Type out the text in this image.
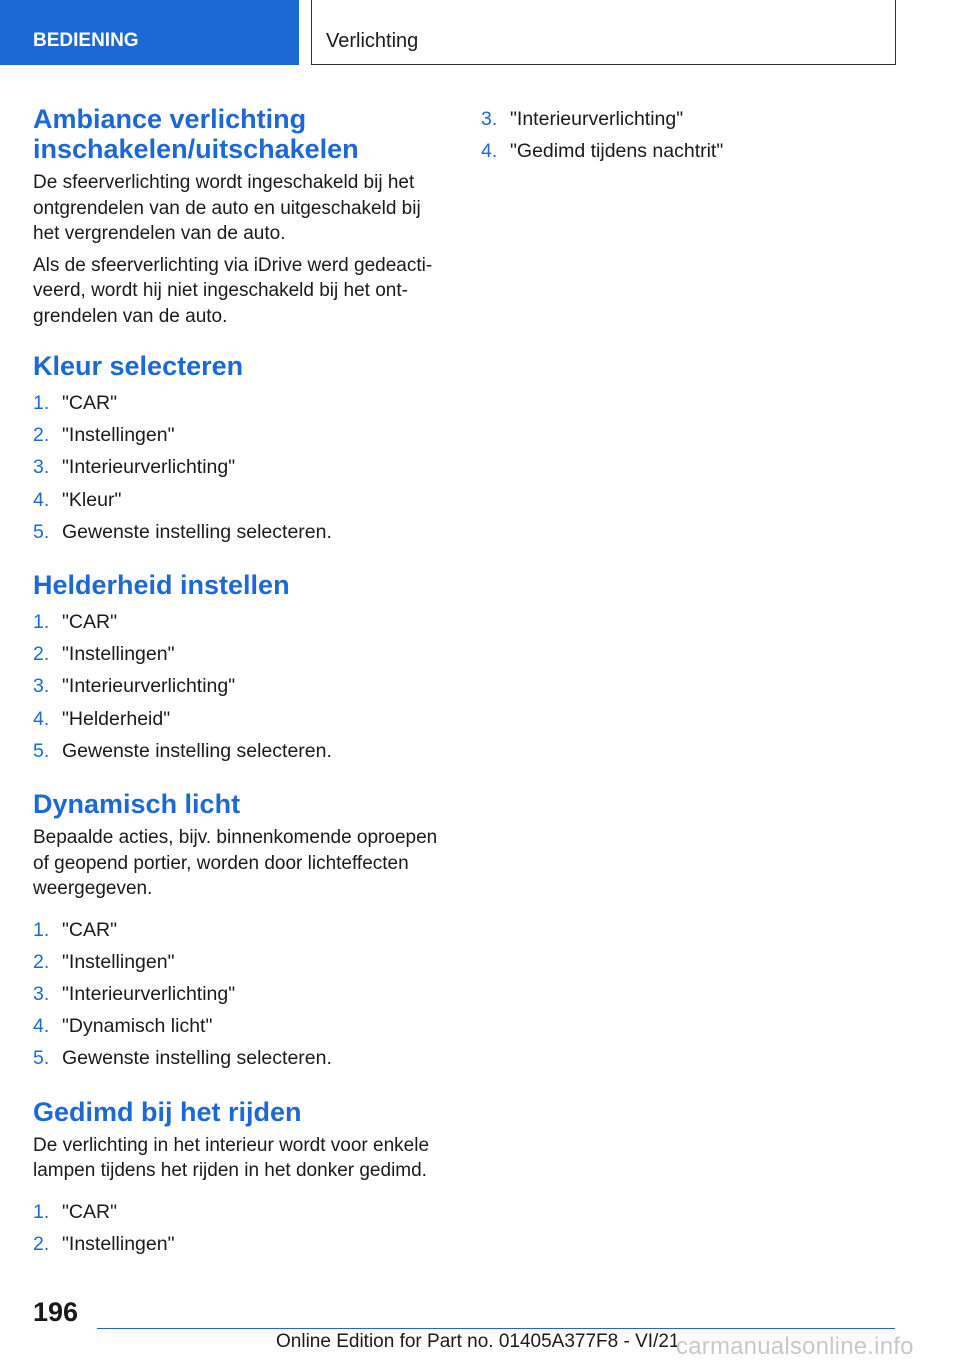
BEDIENING	Verlichting
Ambiance verlichting
inschakelen/uitschakelen

De sfeerverlichting wordt ingeschakeld bij het ontgrendelen van de auto en uitgeschakeld bij het vergrendelen van de auto.

Als de sfeerverlichting via iDrive werd gedeacti-veerd, wordt hij niet ingeschakeld bij het ont-grendelen van de auto.

Kleur selecteren
1. "CAR"
2. "Instellingen"
3. "Interieurverlichting"
4. "Kleur"
5. Gewenste instelling selecteren.
Helderheid instellen
1. "CAR"
2. "Instellingen"
3. "Interieurverlichting"
4. "Helderheid"
5. Gewenste instelling selecteren.
Dynamisch licht

Bepaalde acties, bijv. binnenkomende oproepen of geopend portier, worden door lichteffecten weergegeven.

1. "CAR"
2. "Instellingen"
3. "Interieurverlichting"
4. "Dynamisch licht"
5. Gewenste instelling selecteren.
Gedimd bij het rijden

De verlichting in het interieur wordt voor enkele lampen tijdens het rijden in het donker gedimd.

1. "CAR"
2. "Instellingen"
3. "Interieurverlichting"
4. "Gedimd tijdens nachtrit"
196
Online Edition for Part no. 01405A377F8 - VI/21
carmanualsonline.info
